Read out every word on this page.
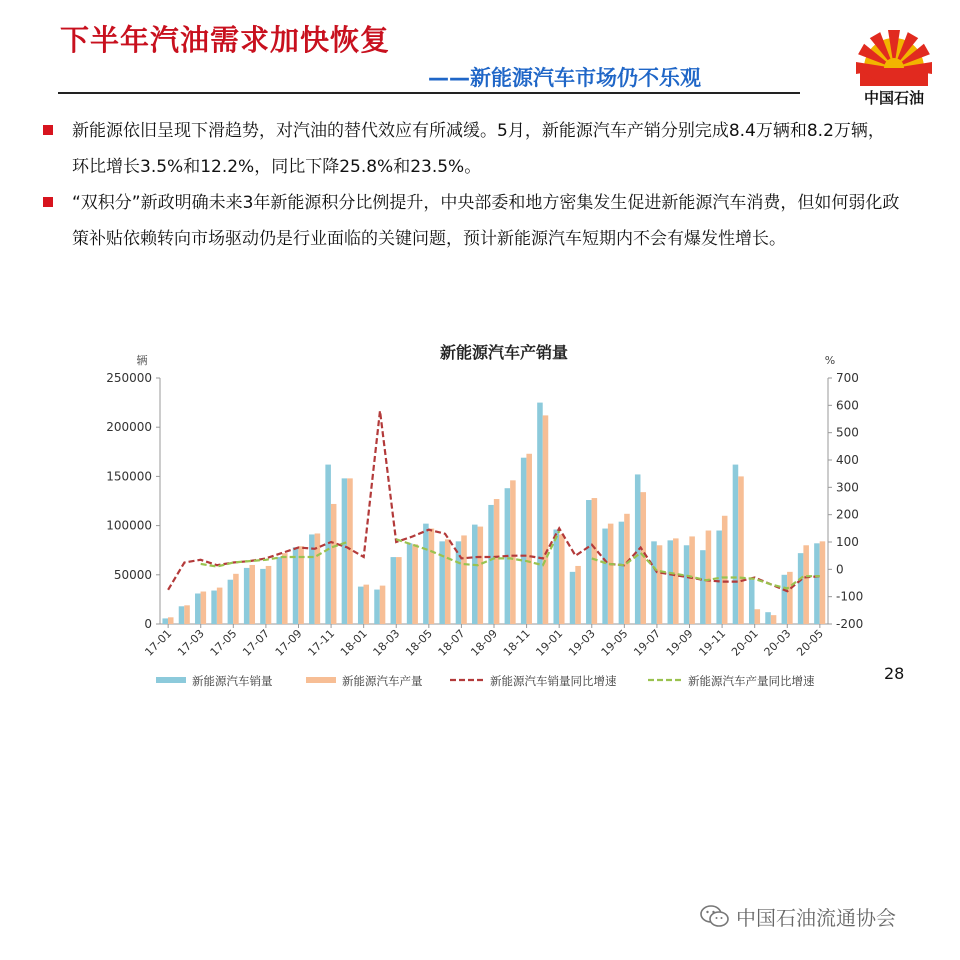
下半年汽油需求加快恢复
——新能源汽车市场仍不乐观
中国石油
新能源依旧呈现下滑趋势，对汽油的替代效应有所减缓。5月，新能源汽车产销分别完成8.4万辆和8.2万辆，环比增长3.5%和12.2%，同比下降25.8%和23.5%。
“双积分”新政明确未来3年新能源积分比例提升，中央部委和地方密集发生促进新能源汽车消费，但如何弱化政策补贴依赖转向市场驱动仍是行业面临的关键问题，预计新能源汽车短期内不会有爆发性增长。
新能源汽车产销量
辆	%
0
50000
100000
150000
200000
250000
-200
-100
0
100
200
300
400
500
600
700
17-01 17-03 17-05 17-07 17-09 17-11 18-01 18-03 18-05 18-07 18-09 18-11 19-01 19-03 19-05 19-07 19-09 19-11 20-01 20-03 20-05
新能源汽车销量	新能源汽车产量	新能源汽车销量同比增速	新能源汽车产量同比增速	28
中国石油流通协会
